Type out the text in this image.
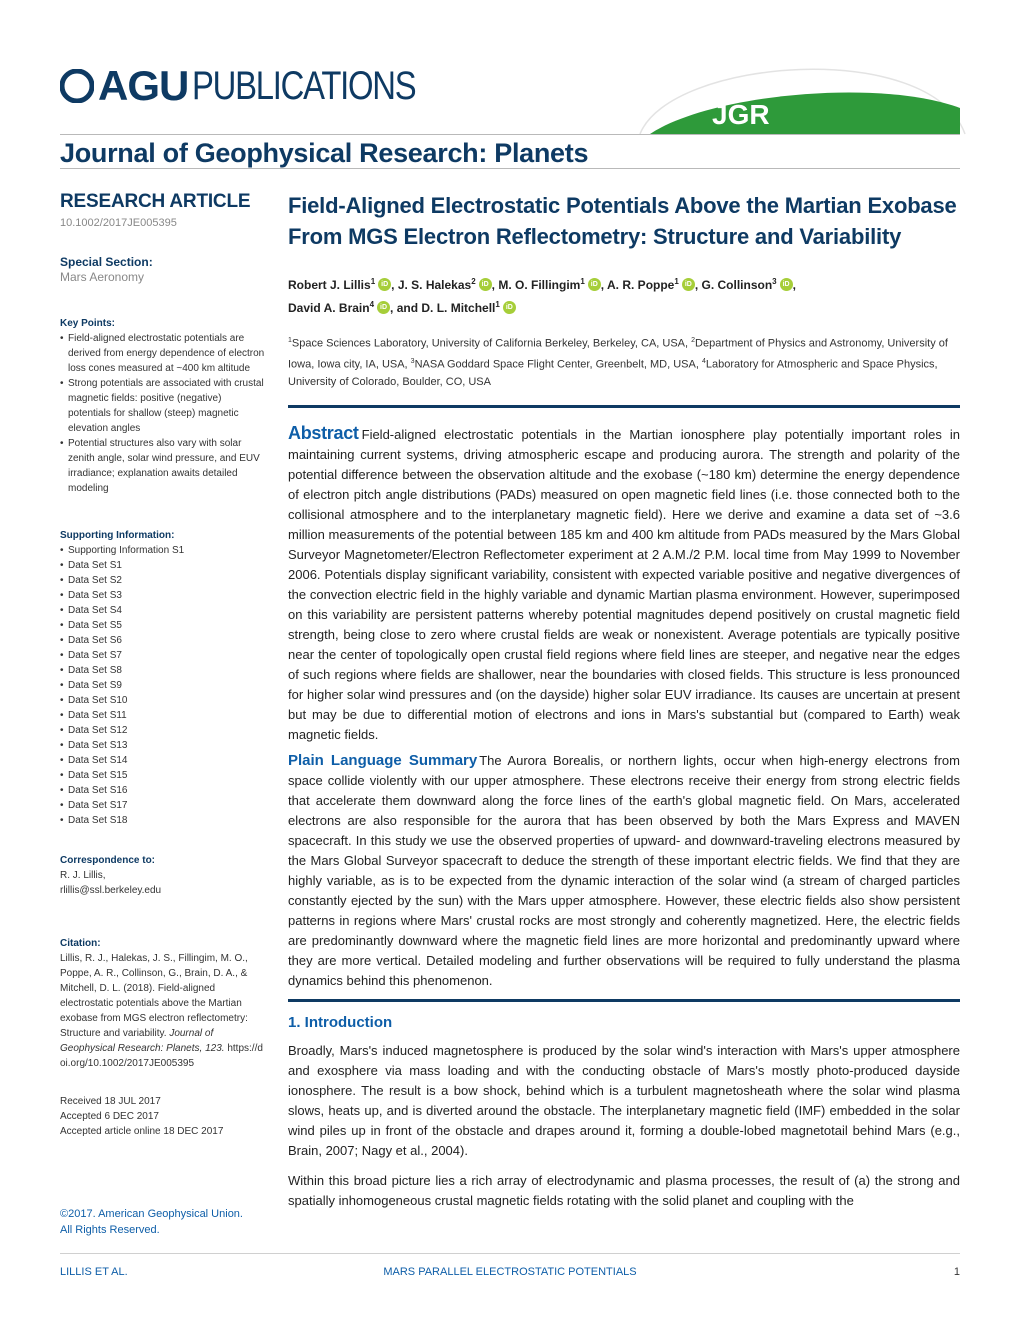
AGU PUBLICATIONS
JGR
Journal of Geophysical Research: Planets
RESEARCH ARTICLE
10.1002/2017JE005395
Special Section:
Mars Aeronomy
Key Points:
• Field-aligned electrostatic potentials are derived from energy dependence of electron loss cones measured at ~400 km altitude
• Strong potentials are associated with crustal magnetic fields: positive (negative) potentials for shallow (steep) magnetic elevation angles
• Potential structures also vary with solar zenith angle, solar wind pressure, and EUV irradiance; explanation awaits detailed modeling
Supporting Information:
• Supporting Information S1
• Data Set S1
• Data Set S2
• Data Set S3
• Data Set S4
• Data Set S5
• Data Set S6
• Data Set S7
• Data Set S8
• Data Set S9
• Data Set S10
• Data Set S11
• Data Set S12
• Data Set S13
• Data Set S14
• Data Set S15
• Data Set S16
• Data Set S17
• Data Set S18
Correspondence to:
R. J. Lillis,
rlillis@ssl.berkeley.edu
Citation:
Lillis, R. J., Halekas, J. S., Fillingim, M. O., Poppe, A. R., Collinson, G., Brain, D. A., & Mitchell, D. L. (2018). Field-aligned electrostatic potentials above the Martian exobase from MGS electron reflectometry: Structure and variability. Journal of Geophysical Research: Planets, 123. https://doi.org/10.1002/2017JE005395
Received 18 JUL 2017
Accepted 6 DEC 2017
Accepted article online 18 DEC 2017
©2017. American Geophysical Union.
All Rights Reserved.
Field-Aligned Electrostatic Potentials Above the Martian Exobase From MGS Electron Reflectometry: Structure and Variability
Robert J. Lillis$^1$ iD , J. S. Halekas$^2$ iD , M. O. Fillingim$^1$ iD , A. R. Poppe$^1$ iD , G. Collinson$^3$ iD ,
David A. Brain$^4$ iD , and D. L. Mitchell$^1$iD
$^1$Space Sciences Laboratory, University of California Berkeley, Berkeley, CA, USA, $^2$Department of Physics and Astronomy, University of Iowa, Iowa city, IA, USA, $^3$NASA Goddard Space Flight Center, Greenbelt, MD, USA, $^4$Laboratory for Atmospheric and Space Physics, University of Colorado, Boulder, CO, USA
Abstract Field-aligned electrostatic potentials in the Martian ionosphere play potentially important roles in maintaining current systems, driving atmospheric escape and producing aurora. The strength and polarity of the potential difference between the observation altitude and the exobase (~180 km) determine the energy dependence of electron pitch angle distributions (PADs) measured on open magnetic field lines (i.e. those connected both to the collisional atmosphere and to the interplanetary magnetic field). Here we derive and examine a data set of ~3.6 million measurements of the potential between 185 km and 400 km altitude from PADs measured by the Mars Global Surveyor Magnetometer/Electron Reflectometer experiment at 2 A.M./2 P.M. local time from May 1999 to November 2006. Potentials display significant variability, consistent with expected variable positive and negative divergences of the convection electric field in the highly variable and dynamic Martian plasma environment. However, superimposed on this variability are persistent patterns whereby potential magnitudes depend positively on crustal magnetic field strength, being close to zero where crustal fields are weak or nonexistent. Average potentials are typically positive near the center of topologically open crustal field regions where field lines are steeper, and negative near the edges of such regions where fields are shallower, near the boundaries with closed fields. This structure is less pronounced for higher solar wind pressures and (on the dayside) higher solar EUV irradiance. Its causes are uncertain at present but may be due to differential motion of electrons and ions in Mars's substantial but (compared to Earth) weak magnetic fields.
Plain Language Summary The Aurora Borealis, or northern lights, occur when high-energy electrons from space collide violently with our upper atmosphere. These electrons receive their energy from strong electric fields that accelerate them downward along the force lines of the earth's global magnetic field. On Mars, accelerated electrons are also responsible for the aurora that has been observed by both the Mars Express and MAVEN spacecraft. In this study we use the observed properties of upward- and downward-traveling electrons measured by the Mars Global Surveyor spacecraft to deduce the strength of these important electric fields. We find that they are highly variable, as is to be expected from the dynamic interaction of the solar wind (a stream of charged particles constantly ejected by the sun) with the Mars upper atmosphere. However, these electric fields also show persistent patterns in regions where Mars' crustal rocks are most strongly and coherently magnetized. Here, the electric fields are predominantly downward where the magnetic field lines are more horizontal and predominantly upward where they are more vertical. Detailed modeling and further observations will be required to fully understand the plasma dynamics behind this phenomenon.
1. Introduction
Broadly, Mars's induced magnetosphere is produced by the solar wind's interaction with Mars's upper atmosphere and exosphere via mass loading and with the conducting obstacle of Mars's mostly photo-produced dayside ionosphere. The result is a bow shock, behind which is a turbulent magnetosheath where the solar wind plasma slows, heats up, and is diverted around the obstacle. The interplanetary magnetic field (IMF) embedded in the solar wind piles up in front of the obstacle and drapes around it, forming a double-lobed magnetotail behind Mars (e.g., Brain, 2007; Nagy et al., 2004).
Within this broad picture lies a rich array of electrodynamic and plasma processes, the result of (a) the strong and spatially inhomogeneous crustal magnetic fields rotating with the solid planet and coupling with the
LILLIS ET AL.	MARS PARALLEL ELECTROSTATIC POTENTIALS	1
